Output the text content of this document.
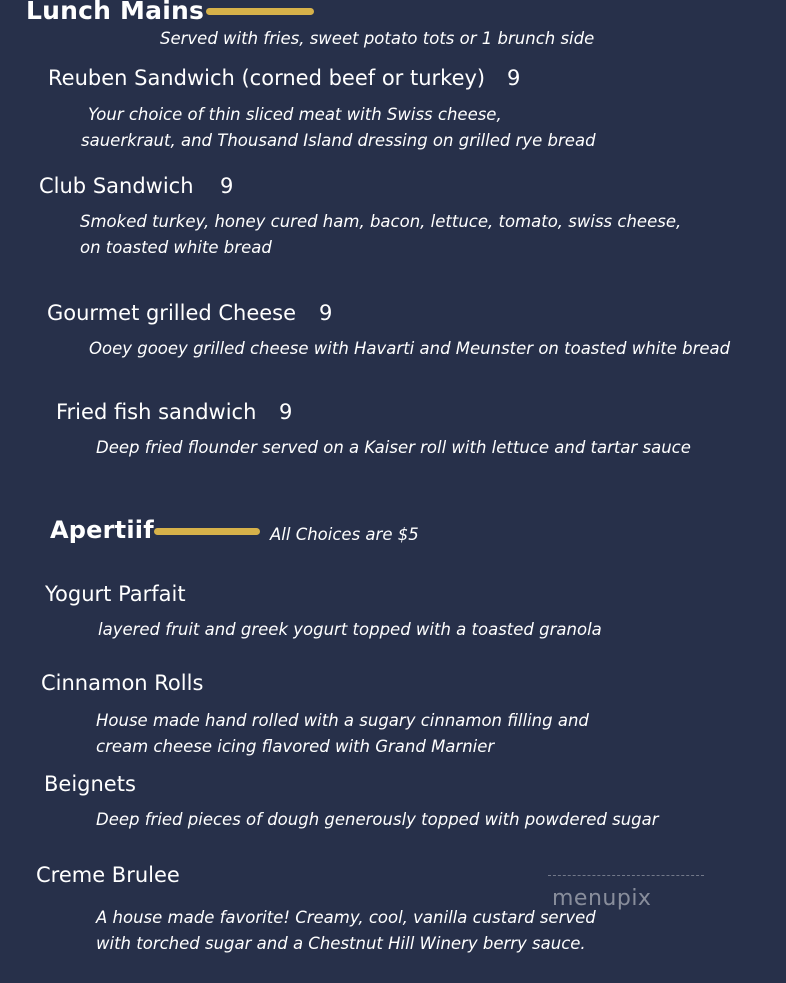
Lunch Mains
Served with fries, sweet potato tots or 1 brunch side
Reuben Sandwich (corned beef or turkey) 9
Your choice of thin sliced meat with Swiss cheese,
sauerkraut, and Thousand Island dressing on grilled rye bread
Club Sandwich 9
Smoked turkey, honey cured ham, bacon, lettuce, tomato, swiss cheese,
on toasted white bread
Gourmet grilled Cheese 9
Ooey gooey grilled cheese with Havarti and Meunster on toasted white bread
Fried fish sandwich 9
Deep fried flounder served on a Kaiser roll with lettuce and tartar sauce
Apertiif	All Choices are $5
Yogurt Parfait
layered fruit and greek yogurt topped with a toasted granola
Cinnamon Rolls
House made hand rolled with a sugary cinnamon filling and
cream cheese icing flavored with Grand Marnier
Beignets
Deep fried pieces of dough generously topped with powdered sugar
Creme Brulee
A house made favorite! Creamy, cool, vanilla custard served
with torched sugar and a Chestnut Hill Winery berry sauce.
menupix
